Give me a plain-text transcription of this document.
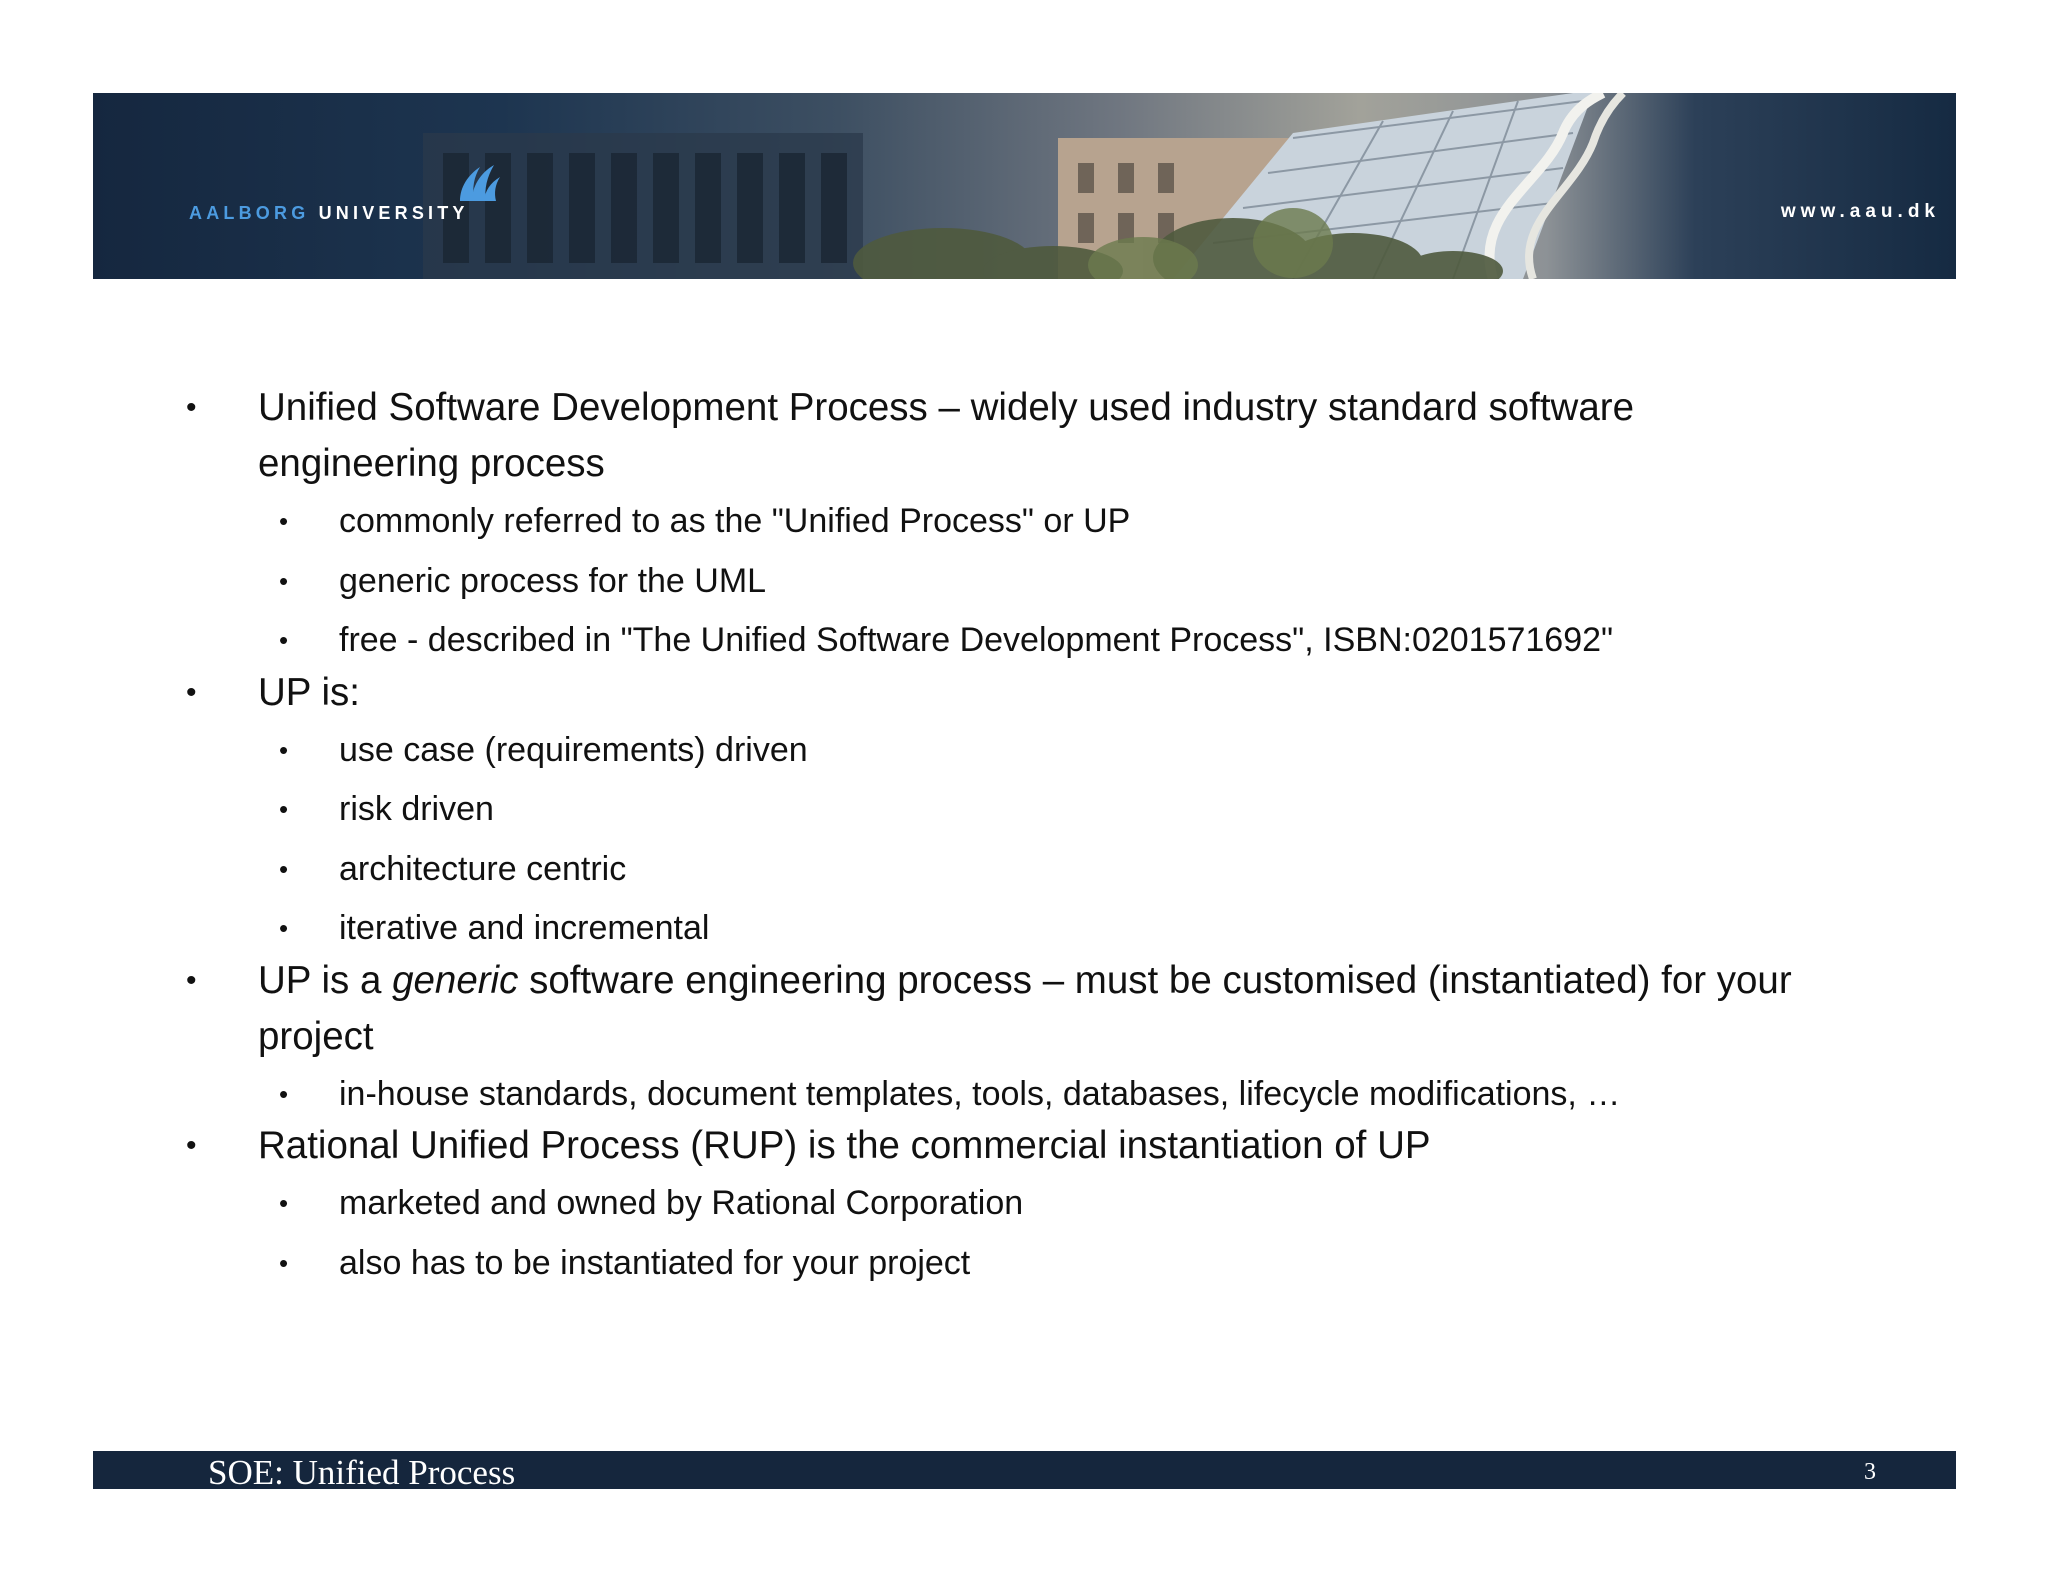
AALBORG UNIVERSITY	www.aau.dk
• Unified Software Development Process – widely used industry standard software engineering process
• commonly referred to as the "Unified Process" or UP
• generic process for the UML
• free - described in "The Unified Software Development Process", ISBN:0201571692"
• UP is:
• use case (requirements) driven
• risk driven
• architecture centric
• iterative and incremental
• UP is a generic software engineering process – must be customised (instantiated) for your project
• in-house standards, document templates, tools, databases, lifecycle modifications, …
• Rational Unified Process (RUP) is the commercial instantiation of UP
• marketed and owned by Rational Corporation
• also has to be instantiated for your project
SOE: Unified Process	3
